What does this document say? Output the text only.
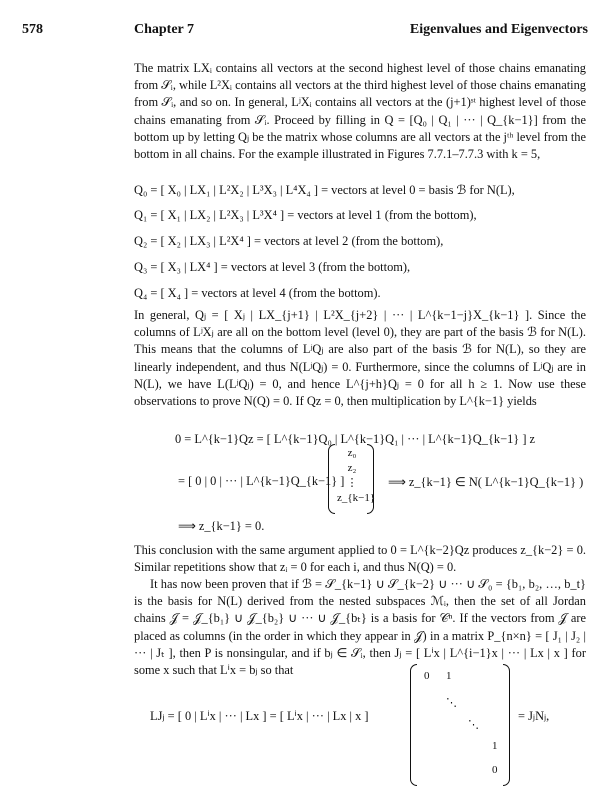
578	Chapter 7	Eigenvalues and Eigenvectors

The matrix LXᵢ contains all vectors at the second highest level of those chains emanating from 𝒮ᵢ, while L²Xᵢ contains all vectors at the third highest level of those chains emanating from 𝒮ᵢ, and so on. In general, LʲXᵢ contains all vectors at the (j+1)ˢᵗ highest level of those chains emanating from 𝒮ᵢ. Proceed by filling in Q = [Q₀ | Q₁ | ··· | Q_{k−1}] from the bottom up by letting Qⱼ be the matrix whose columns are all vectors at the jᵗʰ level from the bottom in all chains. For the example illustrated in Figures 7.7.1–7.7.3 with k = 5,

Q₀ = [ X₀ | LX₁ | L²X₂ | L³X₃ | L⁴X₄ ] = vectors at level 0 = basis ℬ for N(L),
Q₁ = [ X₁ | LX₂ | L²X₃ | L³X⁴ ] = vectors at level 1 (from the bottom),
Q₂ = [ X₂ | LX₃ | L²X⁴ ] = vectors at level 2 (from the bottom),
Q₃ = [ X₃ | LX⁴ ] = vectors at level 3 (from the bottom),
Q₄ = [ X₄ ] = vectors at level 4 (from the bottom).

In general, Qⱼ = [ Xⱼ | LX_{j+1} | L²X_{j+2} | ··· | L^{k−1−j}X_{k−1} ]. Since the columns of LʲXⱼ are all on the bottom level (level 0), they are part of the basis ℬ for N(L). This means that the columns of LʲQⱼ are also part of the basis ℬ for N(L), so they are linearly independent, and thus N(LʲQⱼ) = 0. Furthermore, since the columns of LʲQⱼ are in N(L), we have L(LʲQⱼ) = 0, and hence L^{j+h}Qⱼ = 0 for all h ≥ 1. Now use these observations to prove N(Q) = 0. If Qz = 0, then multiplication by L^{k−1} yields

0 = L^{k−1}Qz = [ L^{k−1}Q₀ | L^{k−1}Q₁ | ··· | L^{k−1}Q_{k−1} ] z
= [ 0 | 0 | ··· | L^{k−1}Q_{k−1} ]
z₀
z₂
⋮
z_{k−1}
⟹ z_{k−1} ∈ N( L^{k−1}Q_{k−1} )
⟹ z_{k−1} = 0.

This conclusion with the same argument applied to 0 = L^{k−2}Qz produces z_{k−2} = 0. Similar repetitions show that zᵢ = 0 for each i, and thus N(Q) = 0.

It has now been proven that if ℬ = 𝒮_{k−1} ∪ 𝒮_{k−2} ∪ ··· ∪ 𝒮₀ = {b₁, b₂, …, b_t} is the basis for N(L) derived from the nested subspaces ℳᵢ, then the set of all Jordan chains 𝒥 = 𝒥_{b₁} ∪ 𝒥_{b₂} ∪ ··· ∪ 𝒥_{bₜ} is a basis for 𝒞ⁿ. If the vectors from 𝒥 are placed as columns (in the order in which they appear in 𝒥) in a matrix P_{n×n} = [ J₁ | J₂ | ··· | Jₜ ], then P is nonsingular, and if bⱼ ∈ 𝒮ᵢ, then Jⱼ = [ Lⁱx | L^{i−1}x | ··· | Lx | x ] for some x such that Lⁱx = bⱼ so that

LJⱼ = [ 0 | Lⁱx | ··· | Lx ] = [ Lⁱx | ··· | Lx | x ]
0 1
⋱
⋱
1
0
= JⱼNⱼ,
